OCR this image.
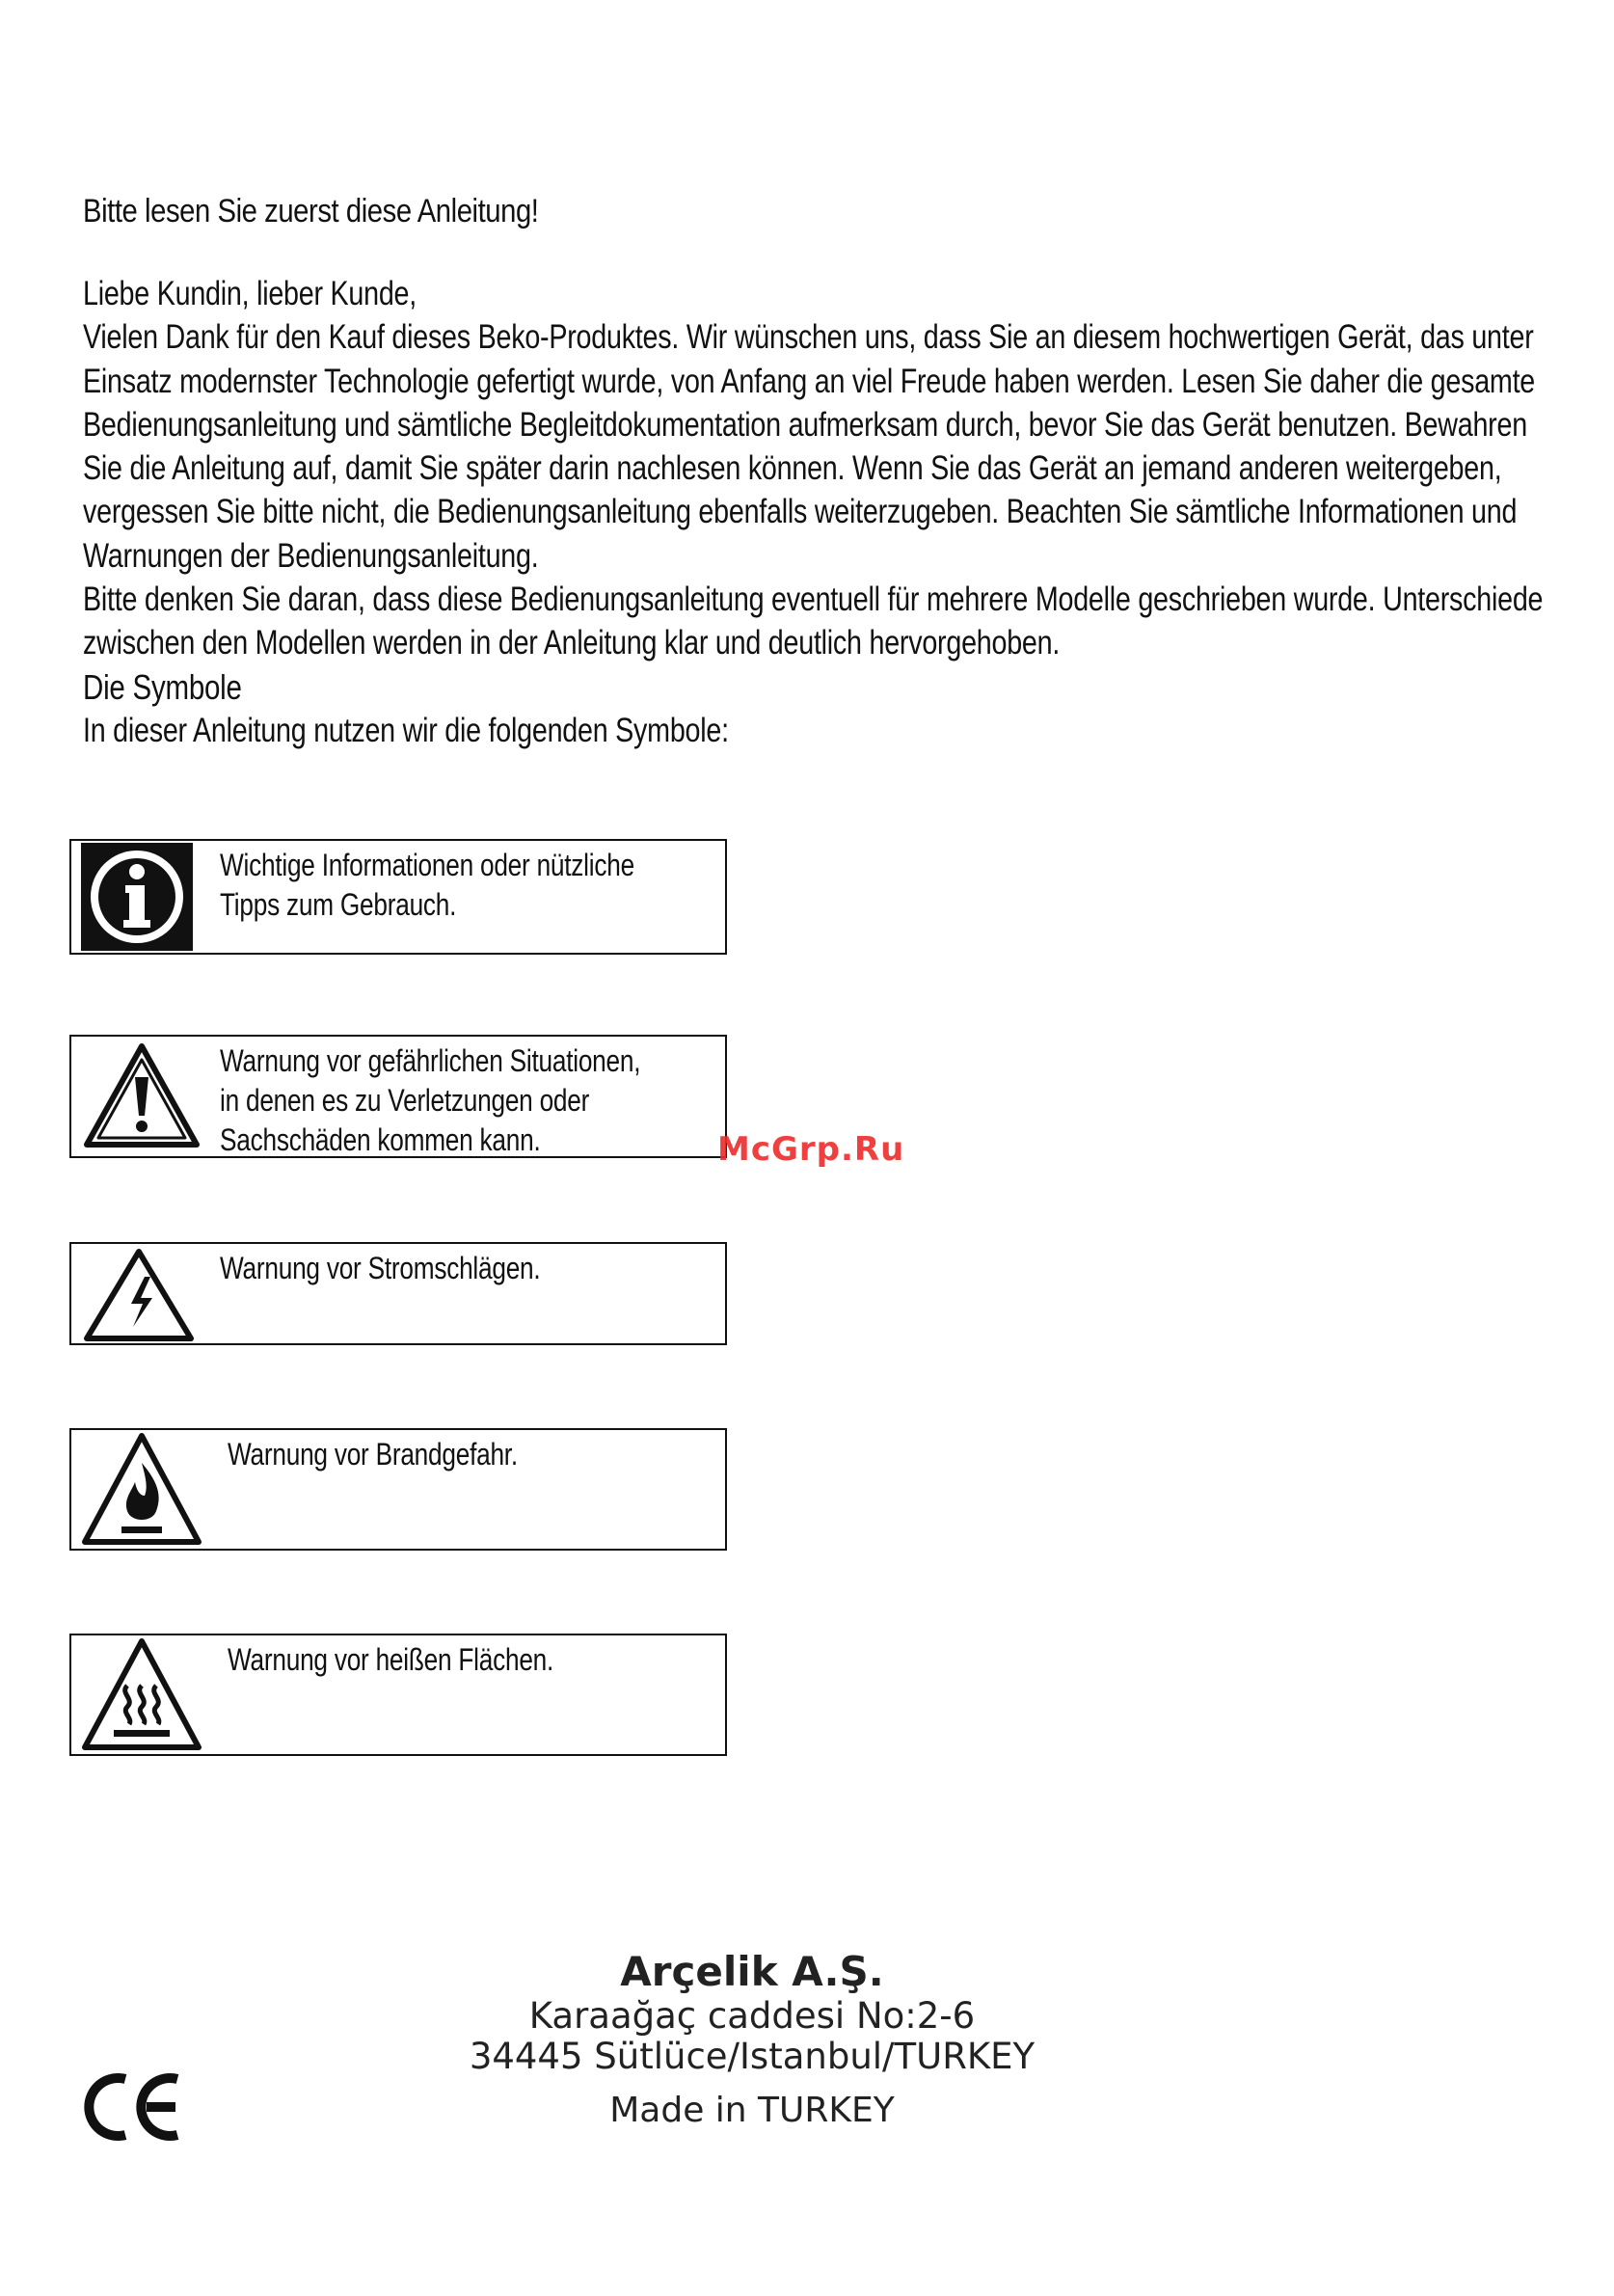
Bitte lesen Sie zuerst diese Anleitung!

Liebe Kundin, lieber Kunde,

Vielen Dank für den Kauf dieses Beko-Produktes. Wir wünschen uns, dass Sie an diesem hochwertigen Gerät, das unter Einsatz modernster Technologie gefertigt wurde, von Anfang an viel Freude haben werden. Lesen Sie daher die gesamte Bedienungsanleitung und sämtliche Begleitdokumentation aufmerksam durch, bevor Sie das Gerät benutzen. Bewahren Sie die Anleitung auf, damit Sie später darin nachlesen können. Wenn Sie das Gerät an jemand anderen weitergeben, vergessen Sie bitte nicht, die Bedienungsanleitung ebenfalls weiterzugeben. Beachten Sie sämtliche Informationen und Warnungen der Bedienungsanleitung.

Bitte denken Sie daran, dass diese Bedienungsanleitung eventuell für mehrere Modelle geschrieben wurde. Unterschiede zwischen den Modellen werden in der Anleitung klar und deutlich hervorgehoben.

Die Symbole

In dieser Anleitung nutzen wir die folgenden Symbole:

Wichtige Informationen oder nützliche Tipps zum Gebrauch.
Warnung vor gefährlichen Situationen, in denen es zu Verletzungen oder Sachschäden kommen kann.
Warnung vor Stromschlägen.
Warnung vor Brandgefahr.
Warnung vor heißen Flächen.
McGrp.Ru
Arçelik A.Ş.
Karaağaç caddesi No:2-6
34445 Sütlüce/Istanbul/TURKEY
Made in TURKEY
